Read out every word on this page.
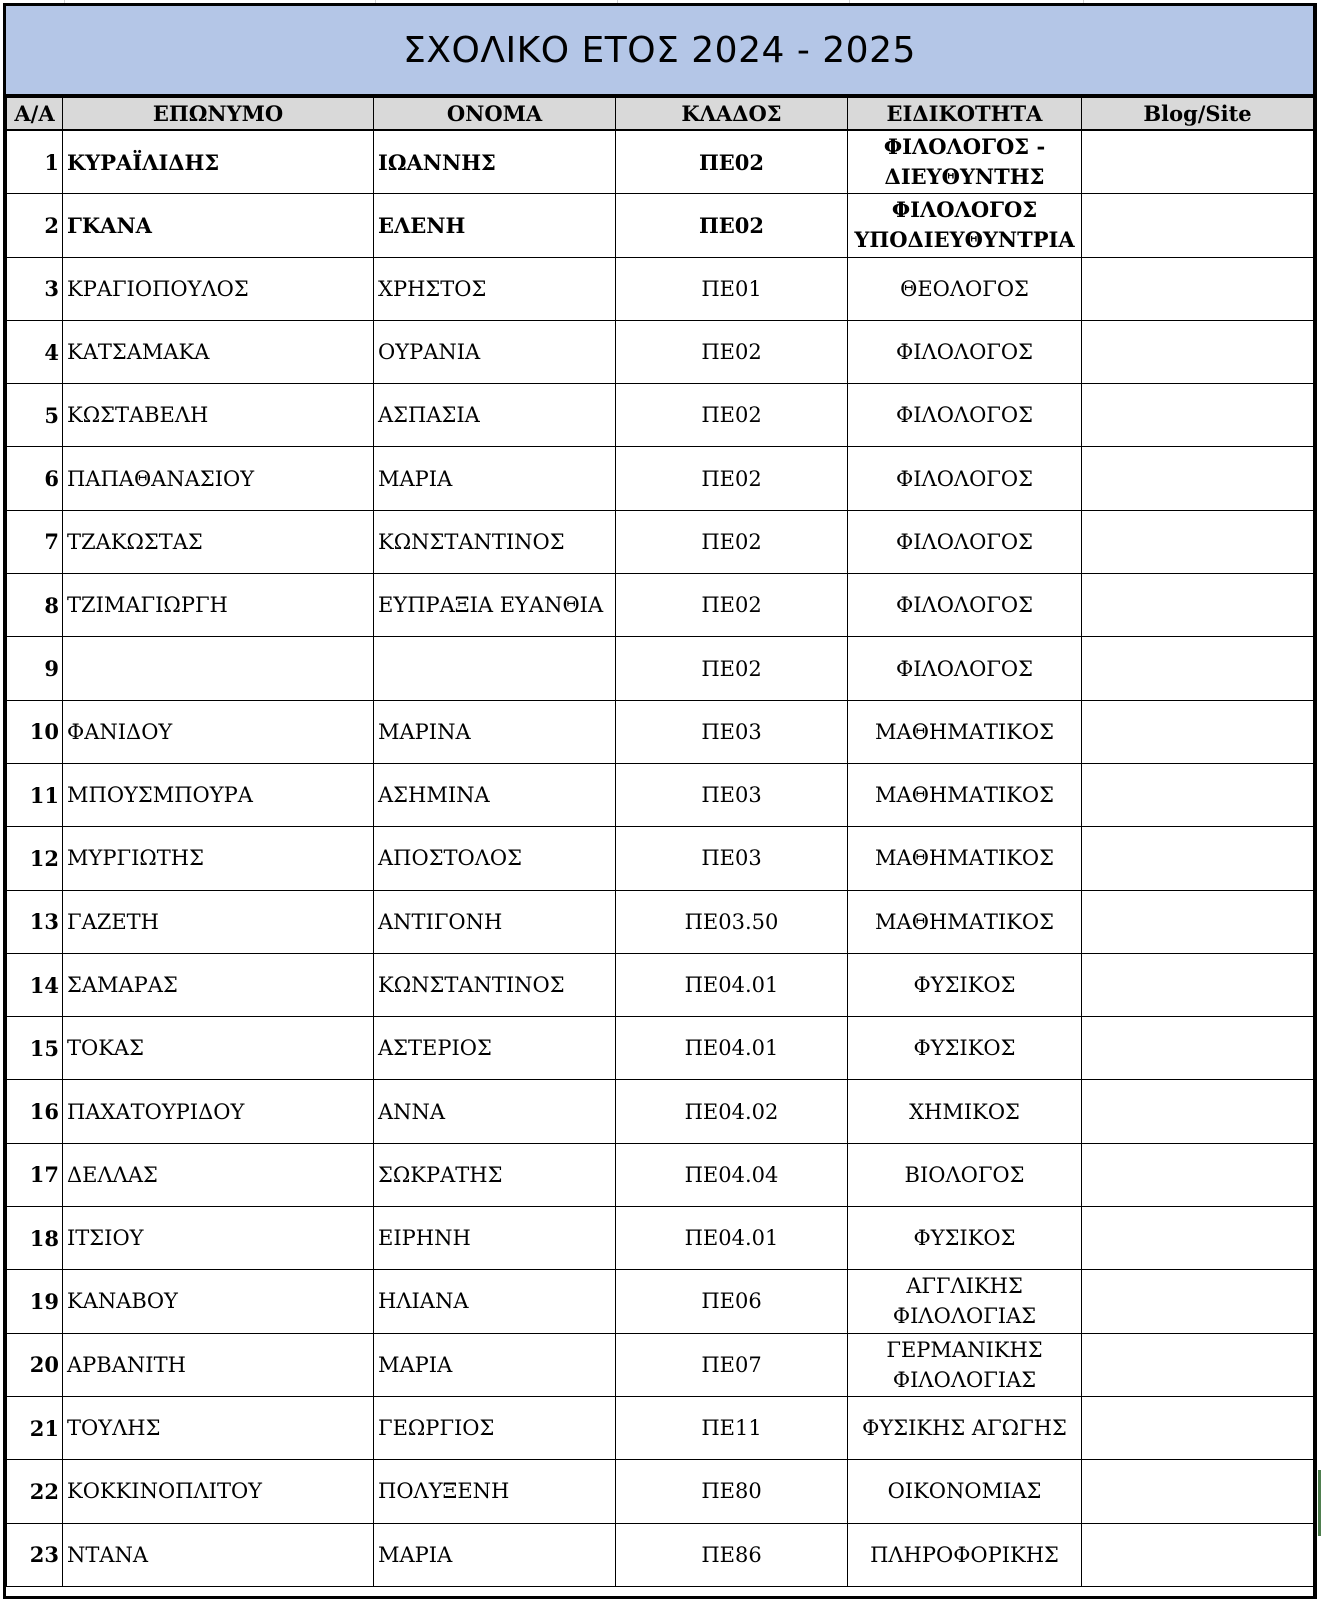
ΣΧΟΛΙΚΟ ΕΤΟΣ 2024 - 2025
Α/Α	ΕΠΩΝΥΜΟ	ΟΝΟΜΑ	ΚΛΑΔΟΣ	ΕΙΔΙΚΟΤΗΤΑ	Blog/Site
1	ΚΥΡΑΪΛΙΔΗΣ	ΙΩΑΝΝΗΣ	ΠΕ02	ΦΙΛΟΛΟΓΟΣ - ΔΙΕΥΘΥΝΤΗΣ	
2	ΓΚΑΝΑ	ΕΛΕΝΗ	ΠΕ02	ΦΙΛΟΛΟΓΟΣ ΥΠΟΔΙΕΥΘΥΝΤΡΙΑ	
3	ΚΡΑΓΙΟΠΟΥΛΟΣ	ΧΡΗΣΤΟΣ	ΠΕ01	ΘΕΟΛΟΓΟΣ	
4	ΚΑΤΣΑΜΑΚΑ	ΟΥΡΑΝΙΑ	ΠΕ02	ΦΙΛΟΛΟΓΟΣ	
5	ΚΩΣΤΑΒΕΛΗ	ΑΣΠΑΣΙΑ	ΠΕ02	ΦΙΛΟΛΟΓΟΣ	
6	ΠΑΠΑΘΑΝΑΣΙΟΥ	ΜΑΡΙΑ	ΠΕ02	ΦΙΛΟΛΟΓΟΣ	
7	ΤΖΑΚΩΣΤΑΣ	ΚΩΝΣΤΑΝΤΙΝΟΣ	ΠΕ02	ΦΙΛΟΛΟΓΟΣ	
8	ΤΖΙΜΑΓΙΩΡΓΗ	ΕΥΠΡΑΞΙΑ ΕΥΑΝΘΙΑ	ΠΕ02	ΦΙΛΟΛΟΓΟΣ	
9			ΠΕ02	ΦΙΛΟΛΟΓΟΣ	
10	ΦΑΝΙΔΟΥ	ΜΑΡΙΝΑ	ΠΕ03	ΜΑΘΗΜΑΤΙΚΟΣ	
11	ΜΠΟΥΣΜΠΟΥΡΑ	ΑΣΗΜΙΝΑ	ΠΕ03	ΜΑΘΗΜΑΤΙΚΟΣ	
12	ΜΥΡΓΙΩΤΗΣ	ΑΠΟΣΤΟΛΟΣ	ΠΕ03	ΜΑΘΗΜΑΤΙΚΟΣ	
13	ΓΑΖΕΤΗ	ΑΝΤΙΓΟΝΗ	ΠΕ03.50	ΜΑΘΗΜΑΤΙΚΟΣ	
14	ΣΑΜΑΡΑΣ	ΚΩΝΣΤΑΝΤΙΝΟΣ	ΠΕ04.01	ΦΥΣΙΚΟΣ	
15	ΤΟΚΑΣ	ΑΣΤΕΡΙΟΣ	ΠΕ04.01	ΦΥΣΙΚΟΣ	
16	ΠΑΧΑΤΟΥΡΙΔΟΥ	ΑΝΝΑ	ΠΕ04.02	ΧΗΜΙΚΟΣ	
17	ΔΕΛΛΑΣ	ΣΩΚΡΑΤΗΣ	ΠΕ04.04	ΒΙΟΛΟΓΟΣ	
18	ΙΤΣΙΟΥ	ΕΙΡΗΝΗ	ΠΕ04.01	ΦΥΣΙΚΟΣ	
19	ΚΑΝΑΒΟΥ	ΗΛΙΑΝΑ	ΠΕ06	ΑΓΓΛΙΚΗΣ ΦΙΛΟΛΟΓΙΑΣ	
20	ΑΡΒΑΝΙΤΗ	ΜΑΡΙΑ	ΠΕ07	ΓΕΡΜΑΝΙΚΗΣ ΦΙΛΟΛΟΓΙΑΣ	
21	ΤΟΥΛΗΣ	ΓΕΩΡΓΙΟΣ	ΠΕ11	ΦΥΣΙΚΗΣ ΑΓΩΓΗΣ	
22	ΚΟΚΚΙΝΟΠΛΙΤΟΥ	ΠΟΛΥΞΕΝΗ	ΠΕ80	ΟΙΚΟΝΟΜΙΑΣ	
23	ΝΤΑΝΑ	ΜΑΡΙΑ	ΠΕ86	ΠΛΗΡΟΦΟΡΙΚΗΣ	
